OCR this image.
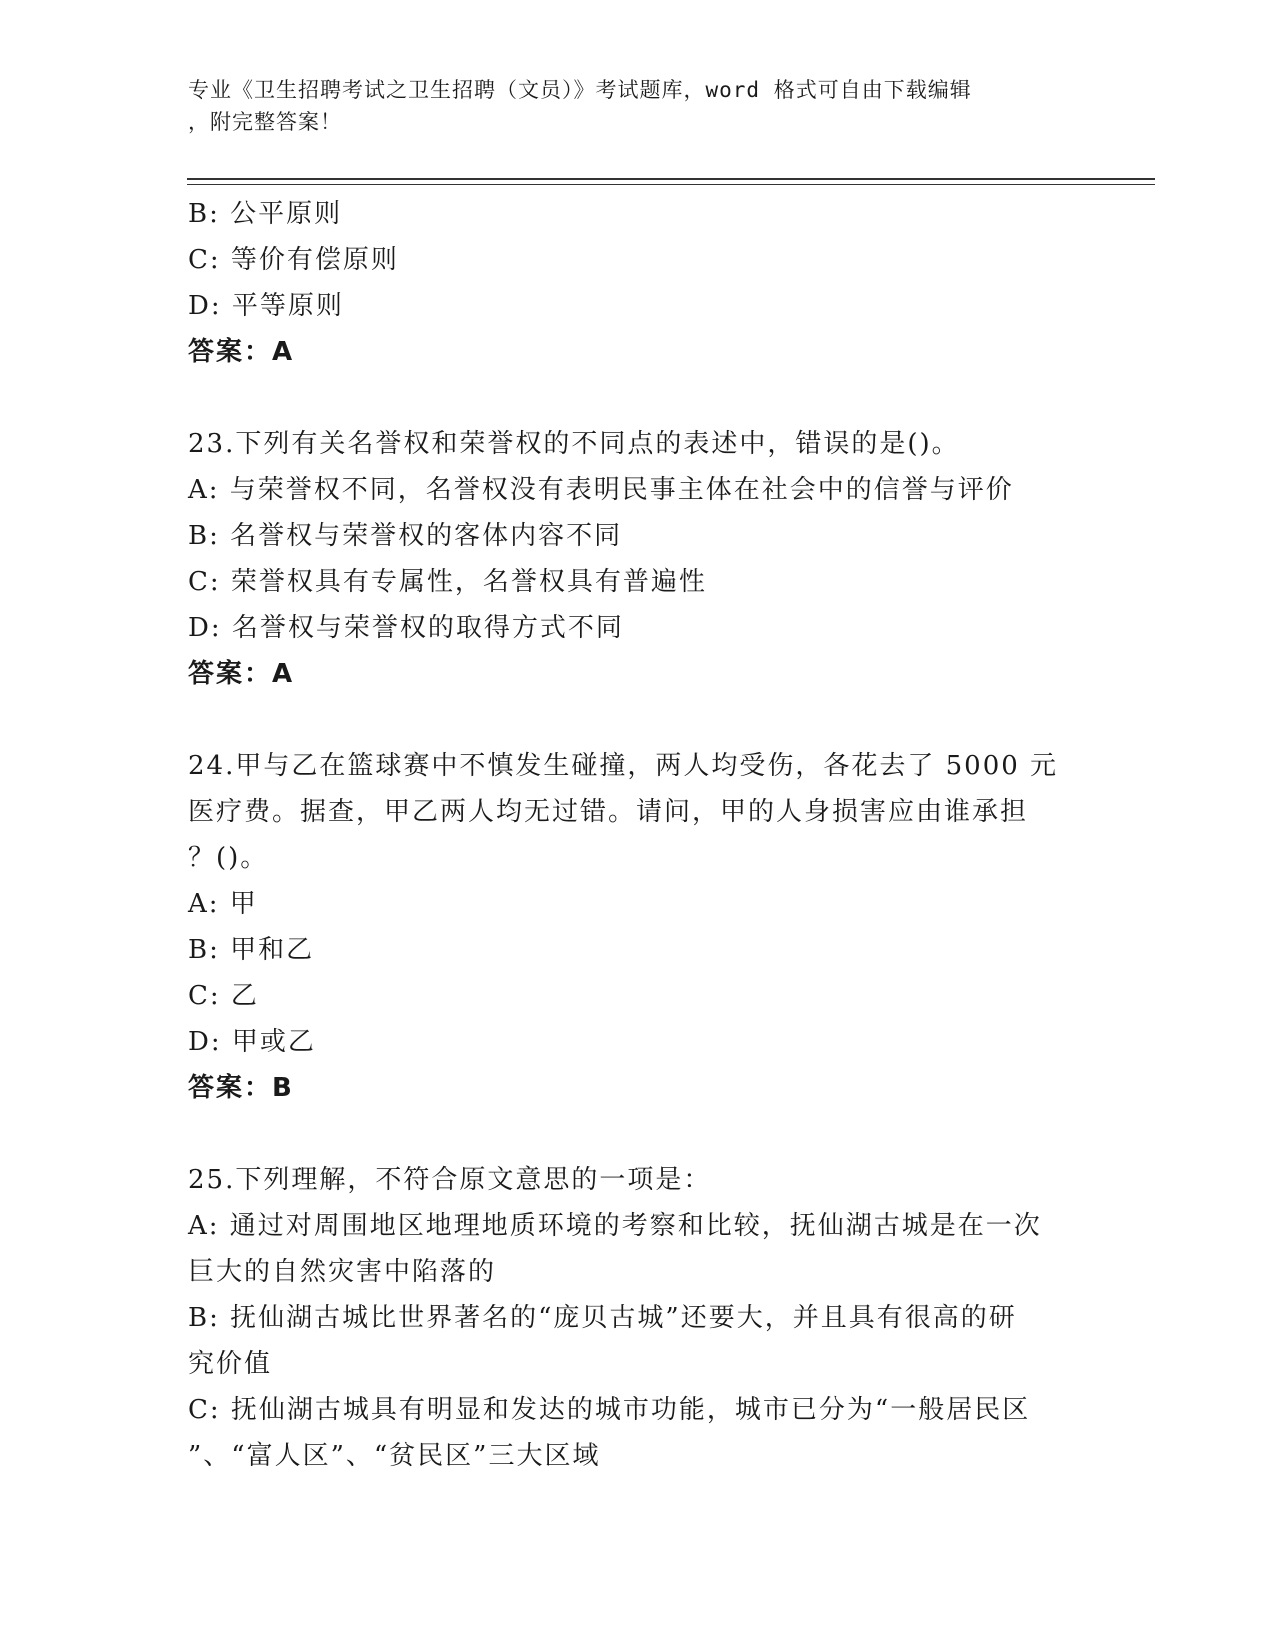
专业《卫生招聘考试之卫生招聘（文员）》考试题库，word 格式可自由下载编辑
，附完整答案！
B: 公平原则
C: 等价有偿原则
D: 平等原则
答案：A
23.下列有关名誉权和荣誉权的不同点的表述中，错误的是()。
A: 与荣誉权不同，名誉权没有表明民事主体在社会中的信誉与评价
B: 名誉权与荣誉权的客体内容不同
C: 荣誉权具有专属性，名誉权具有普遍性
D: 名誉权与荣誉权的取得方式不同
答案：A
24.甲与乙在篮球赛中不慎发生碰撞，两人均受伤，各花去了 5000 元
医疗费。据查，甲乙两人均无过错。请问，甲的人身损害应由谁承担
？()。
A: 甲
B: 甲和乙
C: 乙
D: 甲或乙
答案：B
25.下列理解，不符合原文意思的一项是：
A: 通过对周围地区地理地质环境的考察和比较，抚仙湖古城是在一次
巨大的自然灾害中陷落的
B: 抚仙湖古城比世界著名的“庞贝古城”还要大，并且具有很高的研
究价值
C: 抚仙湖古城具有明显和发达的城市功能，城市已分为“一般居民区
”、“富人区”、“贫民区”三大区域
